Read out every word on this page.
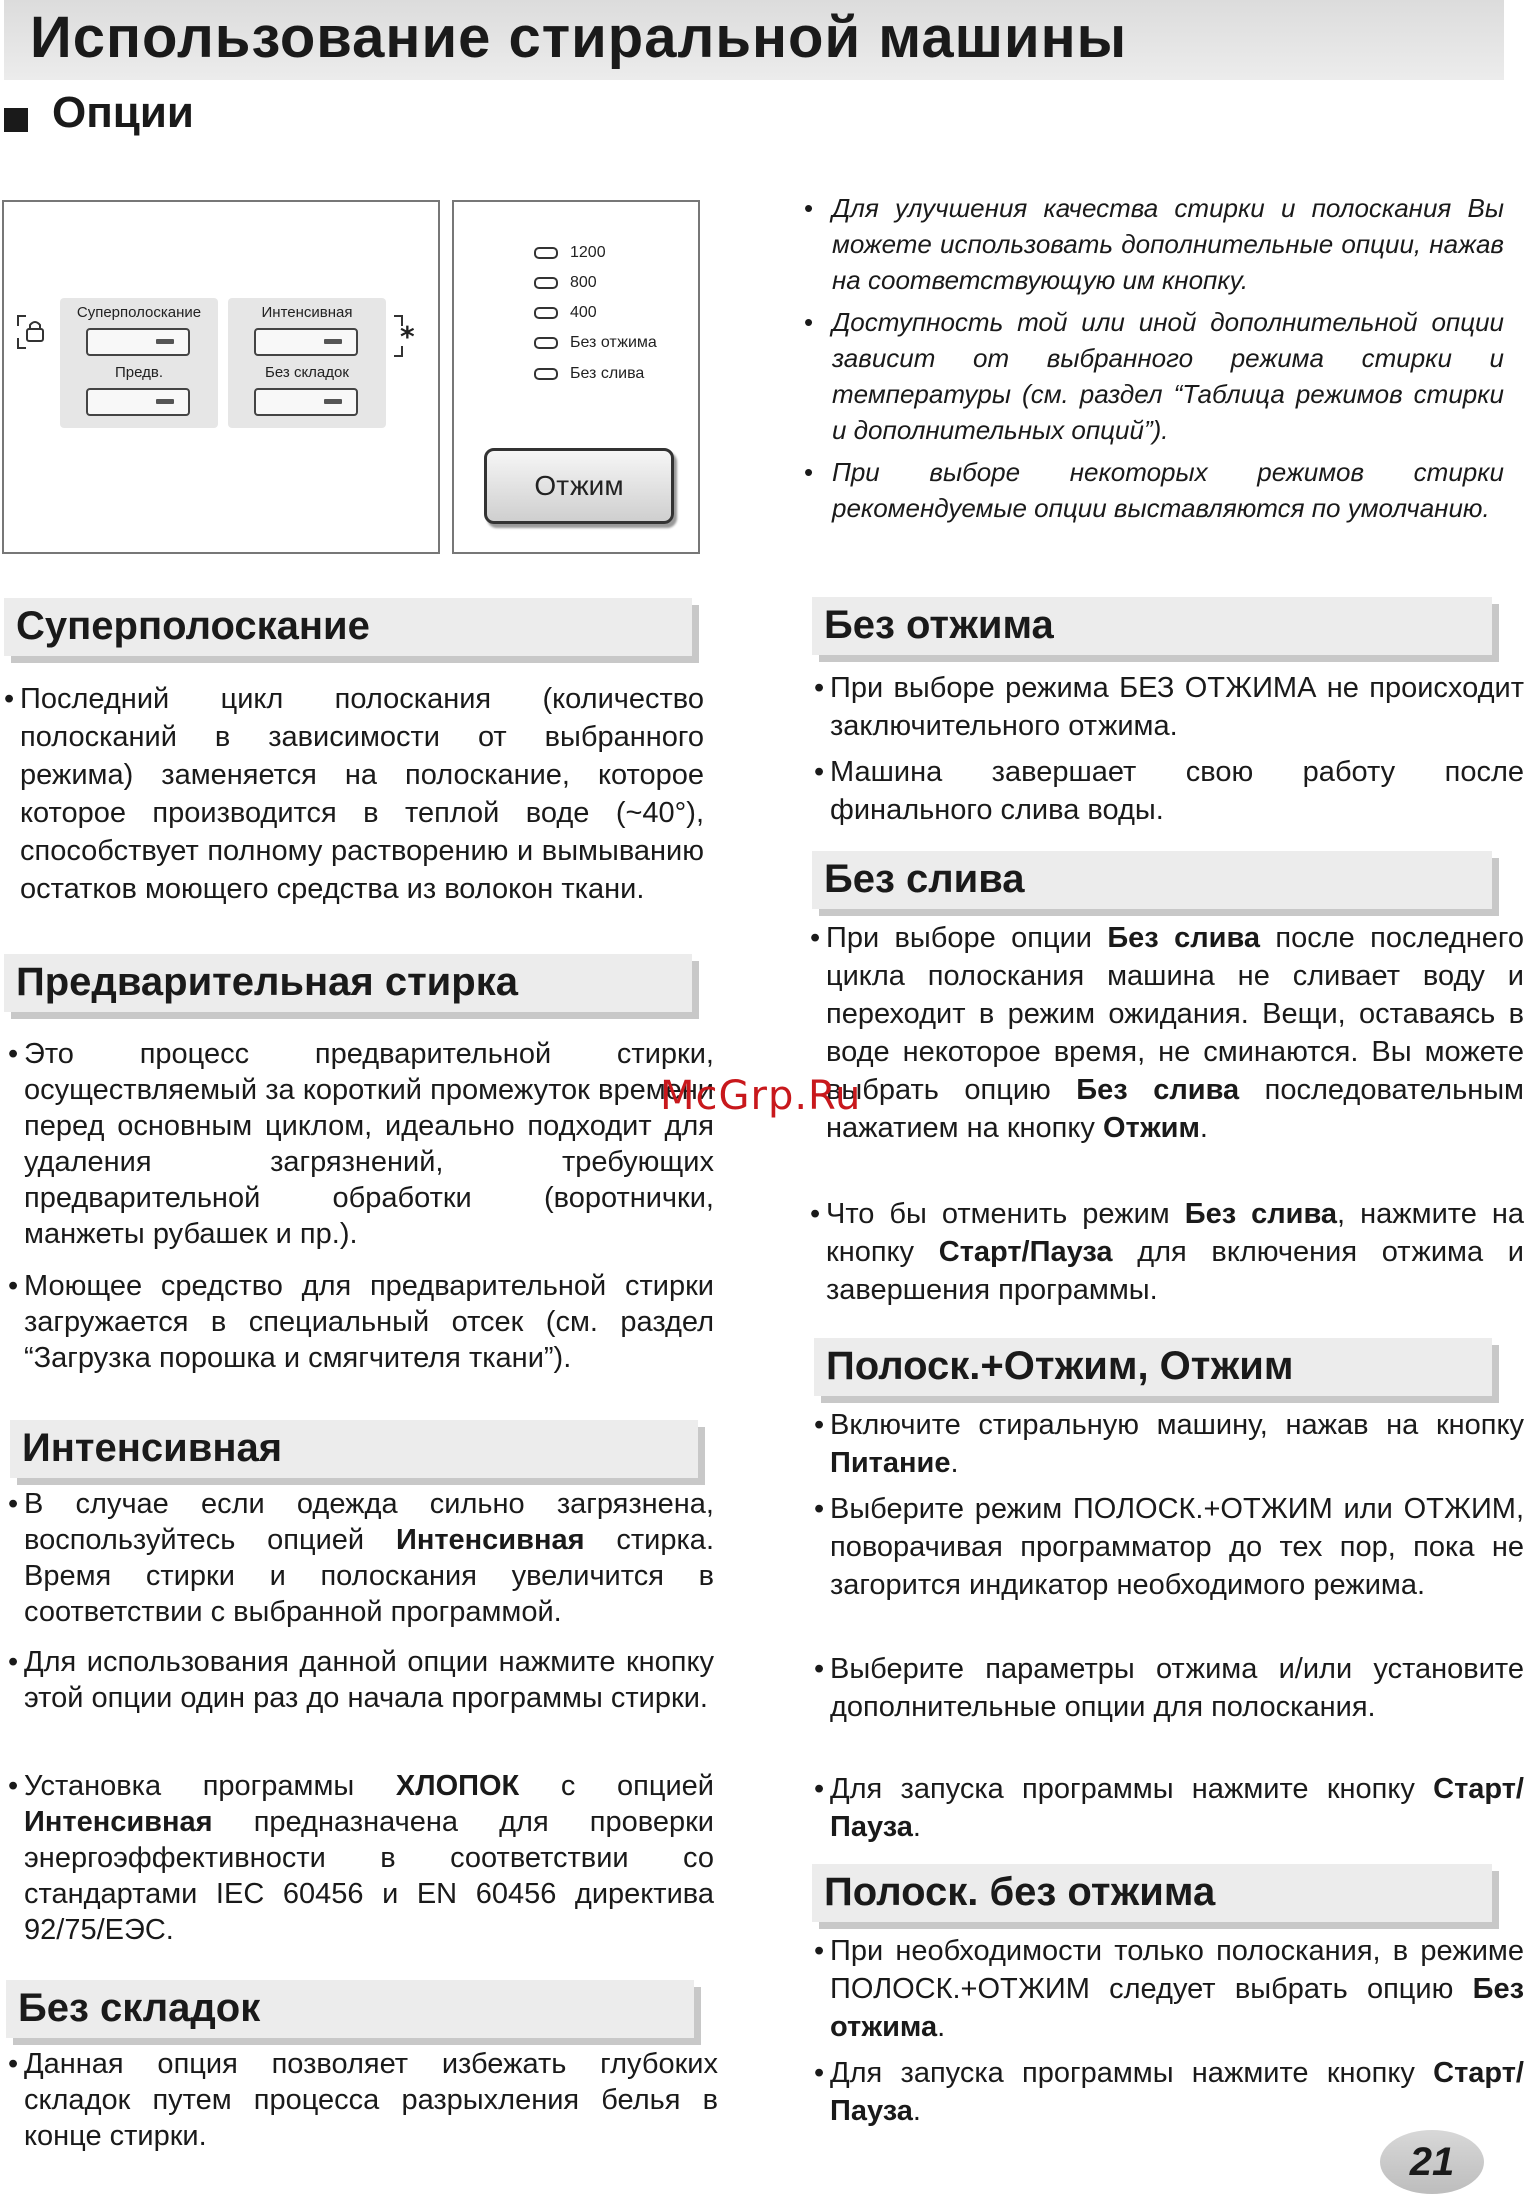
Использование стиральной машины
Опции
Суперполоскание
Предв.
Интенсивная
Без складок
*
1200
800
400
Без отжима
Без слива
Отжим
• Для улучшения качества стирки и полоскания Вы можете использовать дополнительные опции, нажав на соответствующую им кнопку.
• Доступность той или иной дополнительной опции зависит от выбранного режима стирки и температуры (см. раздел “Таблица режимов стирки и дополнительных опций”).
• При выборе некоторых режимов стирки рекомендуемые опции выставляются по умолчанию.
Суперполоскание
• Последний цикл полоскания (количество полосканий в зависимости от выбранного режима) заменяется на полоскание, которое которое производится в теплой воде (~40°), способствует полному растворению и вымыванию остатков моющего средства из волокон ткани.
Предварительная стирка
• Это процесс предварительной стирки, осуществляемый за короткий промежуток времени перед основным циклом, идеально подходит для удаления загрязнений, требующих предварительной обработки (воротнички, манжеты рубашек и пр.).
• Моющее средство для предварительной стирки загружается в специальный отсек (см. раздел “Загрузка порошка и смягчителя ткани”).
Интенсивная
• В случае если одежда сильно загрязнена, воспользуйтесь опцией Интенсивная стирка. Время стирки и полоскания увеличится в соответствии с выбранной программой.
• Для использования данной опции нажмите кнопку этой опции один раз до начала программы стирки.
• Установка программы ХЛОПОК с опцией Интенсивная предназначена для проверки энергоэффективности в соответствии со стандартами IEC 60456 и EN 60456 директива 92/75/ЕЭС.
Без складок
• Данная опция позволяет избежать глубоких складок путем процесса разрыхления белья в конце стирки.
Без отжима
• При выборе режима БЕЗ ОТЖИМА не происходит заключительного отжима.
• Машина завершает свою работу после финального слива воды.
Без слива
• При выборе опции Без слива после последнего цикла полоскания машина не сливает воду и переходит в режим ожидания. Вещи, оставаясь в воде некоторое время, не сминаются. Вы можете выбрать опцию Без слива последовательным нажатием на кнопку Отжим.
• Что бы отменить режим Без слива, нажмите на кнопку Старт/Пауза для включения отжима и завершения программы.
Полоск.+Отжим, Отжим
• Включите стиральную машину, нажав на кнопку Питание.
• Выберите режим ПОЛОСК.+ОТЖИМ или ОТЖИМ, поворачивая программатор до тех пор, пока не загорится индикатор необходимого режима.
• Выберите параметры отжима и/или установите дополнительные опции для полоскания.
• Для запуска программы нажмите кнопку Старт/Пауза.
Полоск. без отжима
• При необходимости только полоскания, в режиме ПОЛОСК.+ОТЖИМ следует выбрать опцию Без отжима.
• Для запуска программы нажмите кнопку Старт/Пауза.
McGrp.Ru
21
